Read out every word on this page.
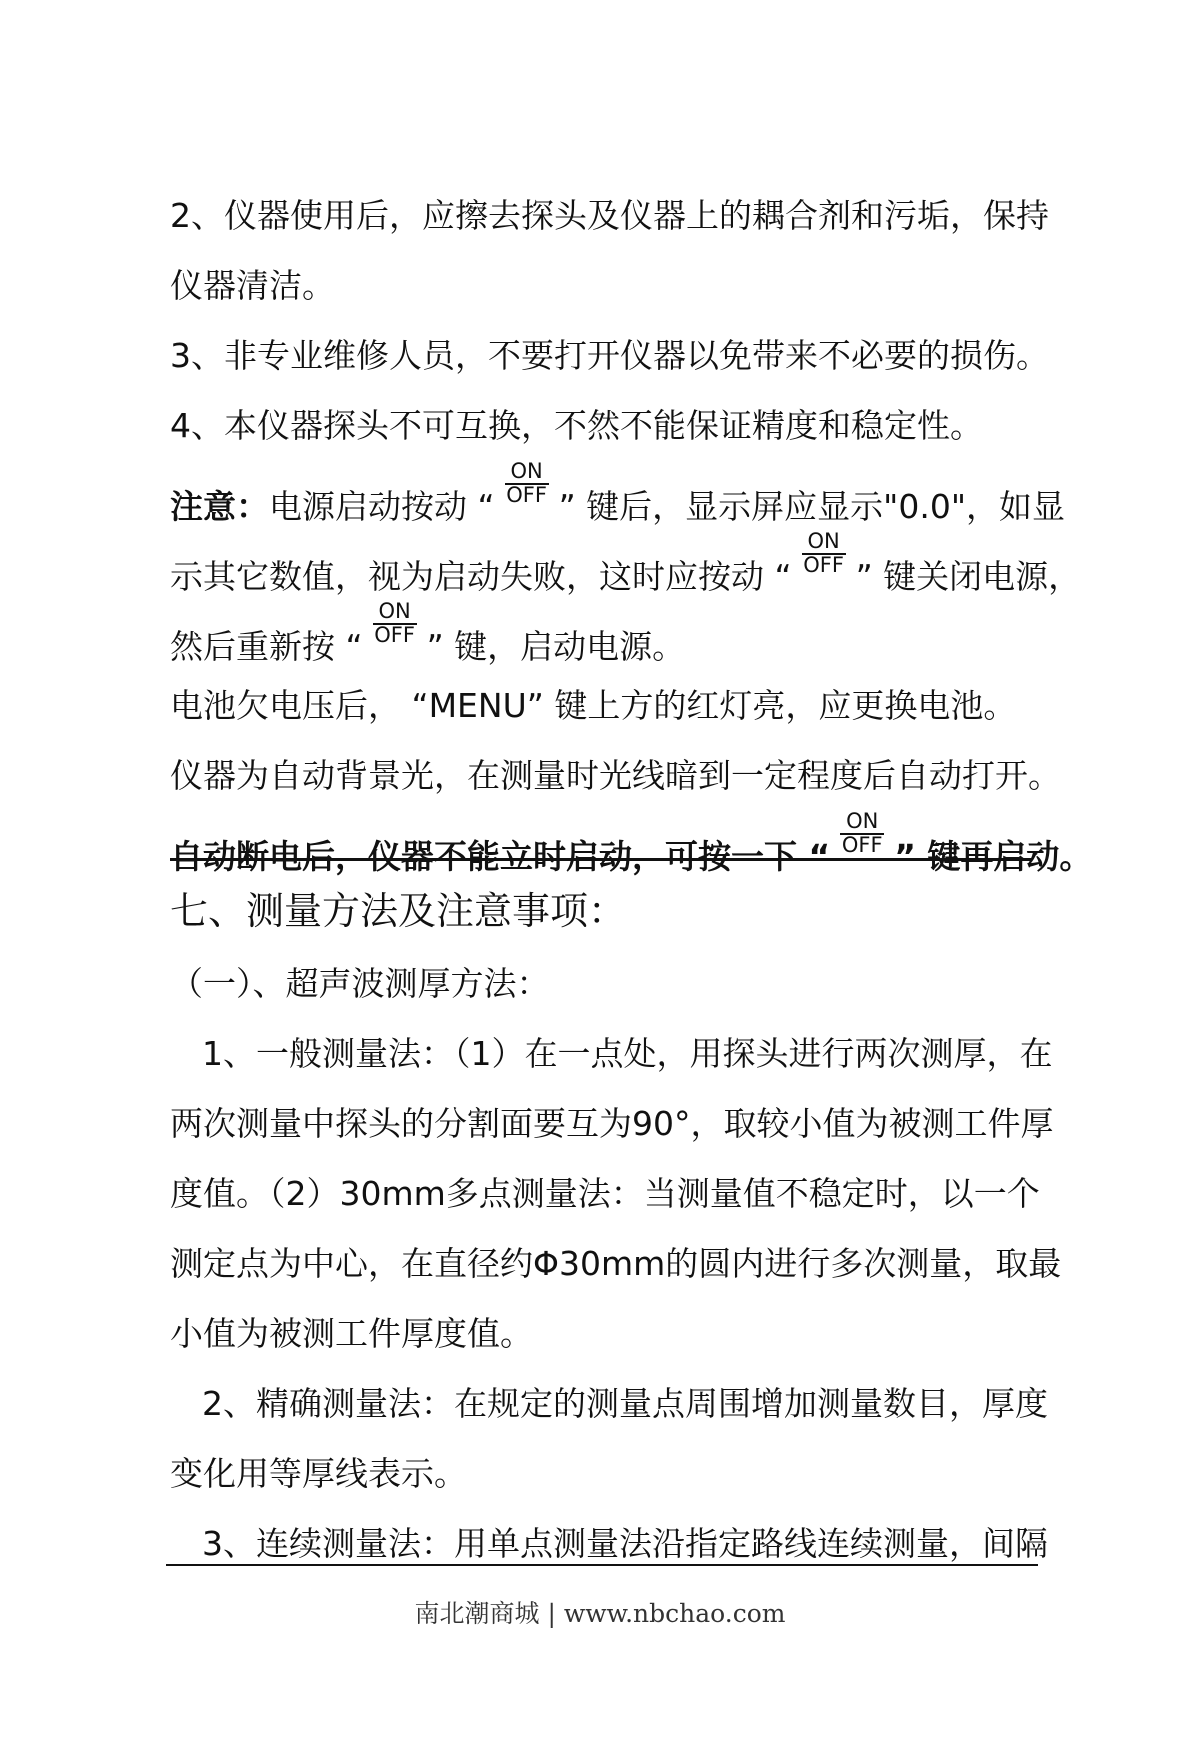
2、仪器使用后，应擦去探头及仪器上的耦合剂和污垢，保持
仪器清洁。
3、非专业维修人员，不要打开仪器以免带来不必要的损伤。
4、本仪器探头不可互换，不然不能保证精度和稳定性。
注意：电源启动按动 “
ON
OFF ” 键后，显示屏应显示"0.0"，如显
示其它数值，视为启动失败，这时应按动 “
ON
OFF ” 键关闭电源，
然后重新按 “
ON
OFF ” 键，启动电源。
电池欠电压后， “MENU” 键上方的红灯亮，应更换电池。
仪器为自动背景光，在测量时光线暗到一定程度后自动打开。
自动断电后，仪器不能立时启动，可按一下 “
ON
OFF ” 键再启动。
七、测量方法及注意事项：
（一）、超声波测厚方法：
1、一般测量法：（1）在一点处，用探头进行两次测厚，在
两次测量中探头的分割面要互为90°，取较小值为被测工件厚
度值。（2）30mm多点测量法：当测量值不稳定时，以一个
测定点为中心，在直径约Φ30mm的圆内进行多次测量，取最
小值为被测工件厚度值。
2、精确测量法：在规定的测量点周围增加测量数目，厚度
变化用等厚线表示。
3、连续测量法：用单点测量法沿指定路线连续测量，间隔
南北潮商城 | www.nbchao.com
